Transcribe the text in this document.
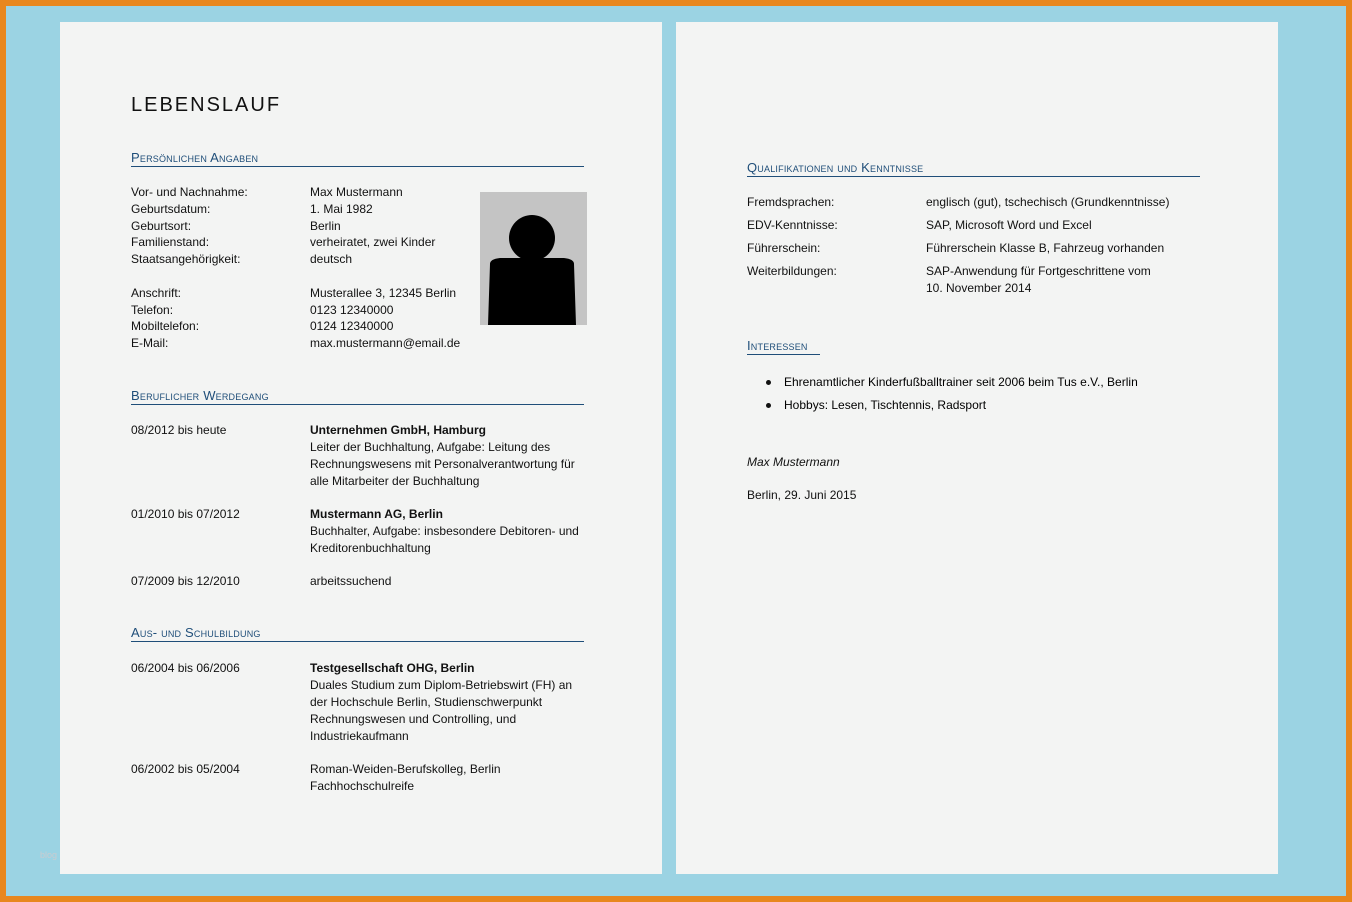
LEBENSLAUF
Persönlichen Angaben
Vor- und Nachnahme:	Max Mustermann
Geburtsdatum:	1. Mai 1982
Geburtsort:	Berlin
Familienstand:	verheiratet, zwei Kinder
Staatsangehörigkeit:	deutsch
Anschrift:	Musterallee 3, 12345 Berlin
Telefon:	0123 12340000
Mobiltelefon:	0124 12340000
E-Mail:	max.mustermann@email.de
Beruflicher Werdegang
08/2012 bis heute	Unternehmen GmbH, Hamburg
Leiter der Buchhaltung, Aufgabe: Leitung des
Rechnungswesens mit Personalverantwortung für
alle Mitarbeiter der Buchhaltung
01/2010 bis 07/2012	Mustermann AG, Berlin
Buchhalter, Aufgabe: insbesondere Debitoren- und
Kreditorenbuchhaltung
07/2009 bis 12/2010	arbeitssuchend
Aus- und Schulbildung
06/2004 bis 06/2006	Testgesellschaft OHG, Berlin
Duales Studium zum Diplom-Betriebswirt (FH) an
der Hochschule Berlin, Studienschwerpunkt
Rechnungswesen und Controlling, und
Industriekaufmann
06/2002 bis 05/2004	Roman-Weiden-Berufskolleg, Berlin
Fachhochschulreife
blog
Qualifikationen und Kenntnisse
Fremdsprachen:	englisch (gut), tschechisch (Grundkenntnisse)
EDV-Kenntnisse:	SAP, Microsoft Word und Excel
Führerschein:	Führerschein Klasse B, Fahrzeug vorhanden
Weiterbildungen:	SAP-Anwendung für Fortgeschrittene vom
10. November 2014
Interessen
Ehrenamtlicher Kinderfußballtrainer seit 2006 beim Tus e.V., Berlin
Hobbys: Lesen, Tischtennis, Radsport
Max Mustermann
Berlin, 29. Juni 2015
